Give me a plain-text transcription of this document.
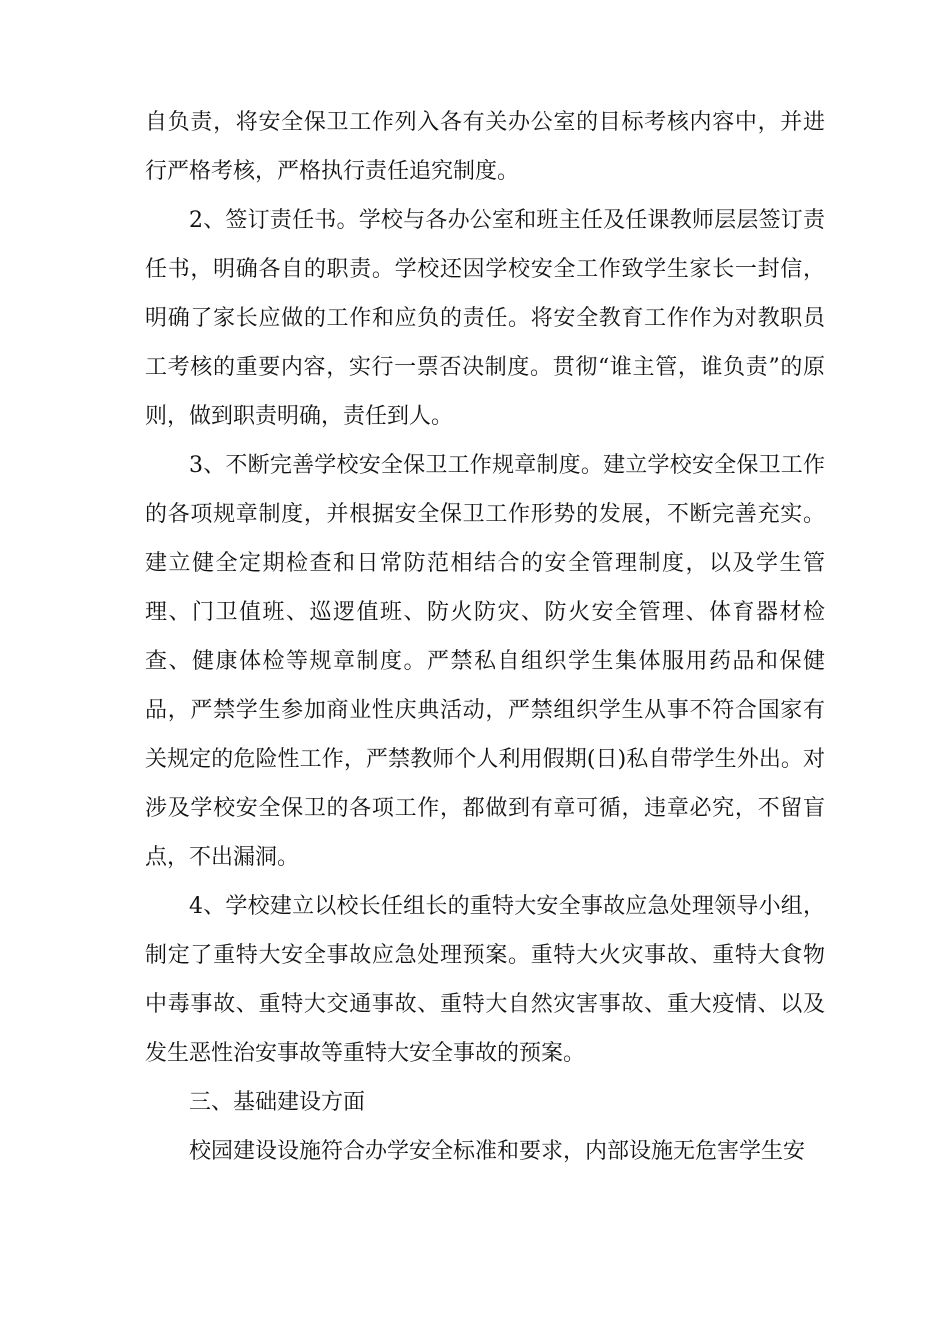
自负责，将安全保卫工作列入各有关办公室的目标考核内容中，并进行严格考核，严格执行责任追究制度。

2、签订责任书。学校与各办公室和班主任及任课教师层层签订责任书，明确各自的职责。学校还因学校安全工作致学生家长一封信，明确了家长应做的工作和应负的责任。将安全教育工作作为对教职员工考核的重要内容，实行一票否决制度。贯彻“谁主管，谁负责”的原则，做到职责明确，责任到人。

3、不断完善学校安全保卫工作规章制度。建立学校安全保卫工作的各项规章制度，并根据安全保卫工作形势的发展，不断完善充实。建立健全定期检查和日常防范相结合的安全管理制度，以及学生管理、门卫值班、巡逻值班、防火防灾、防火安全管理、体育器材检查、健康体检等规章制度。严禁私自组织学生集体服用药品和保健品，严禁学生参加商业性庆典活动，严禁组织学生从事不符合国家有关规定的危险性工作，严禁教师个人利用假期(日)私自带学生外出。对涉及学校安全保卫的各项工作，都做到有章可循，违章必究，不留盲点，不出漏洞。

4、学校建立以校长任组长的重特大安全事故应急处理领导小组，制定了重特大安全事故应急处理预案。重特大火灾事故、重特大食物中毒事故、重特大交通事故、重特大自然灾害事故、重大疫情、以及发生恶性治安事故等重特大安全事故的预案。

三、基础建设方面

校园建设设施符合办学安全标准和要求，内部设施无危害学生安
